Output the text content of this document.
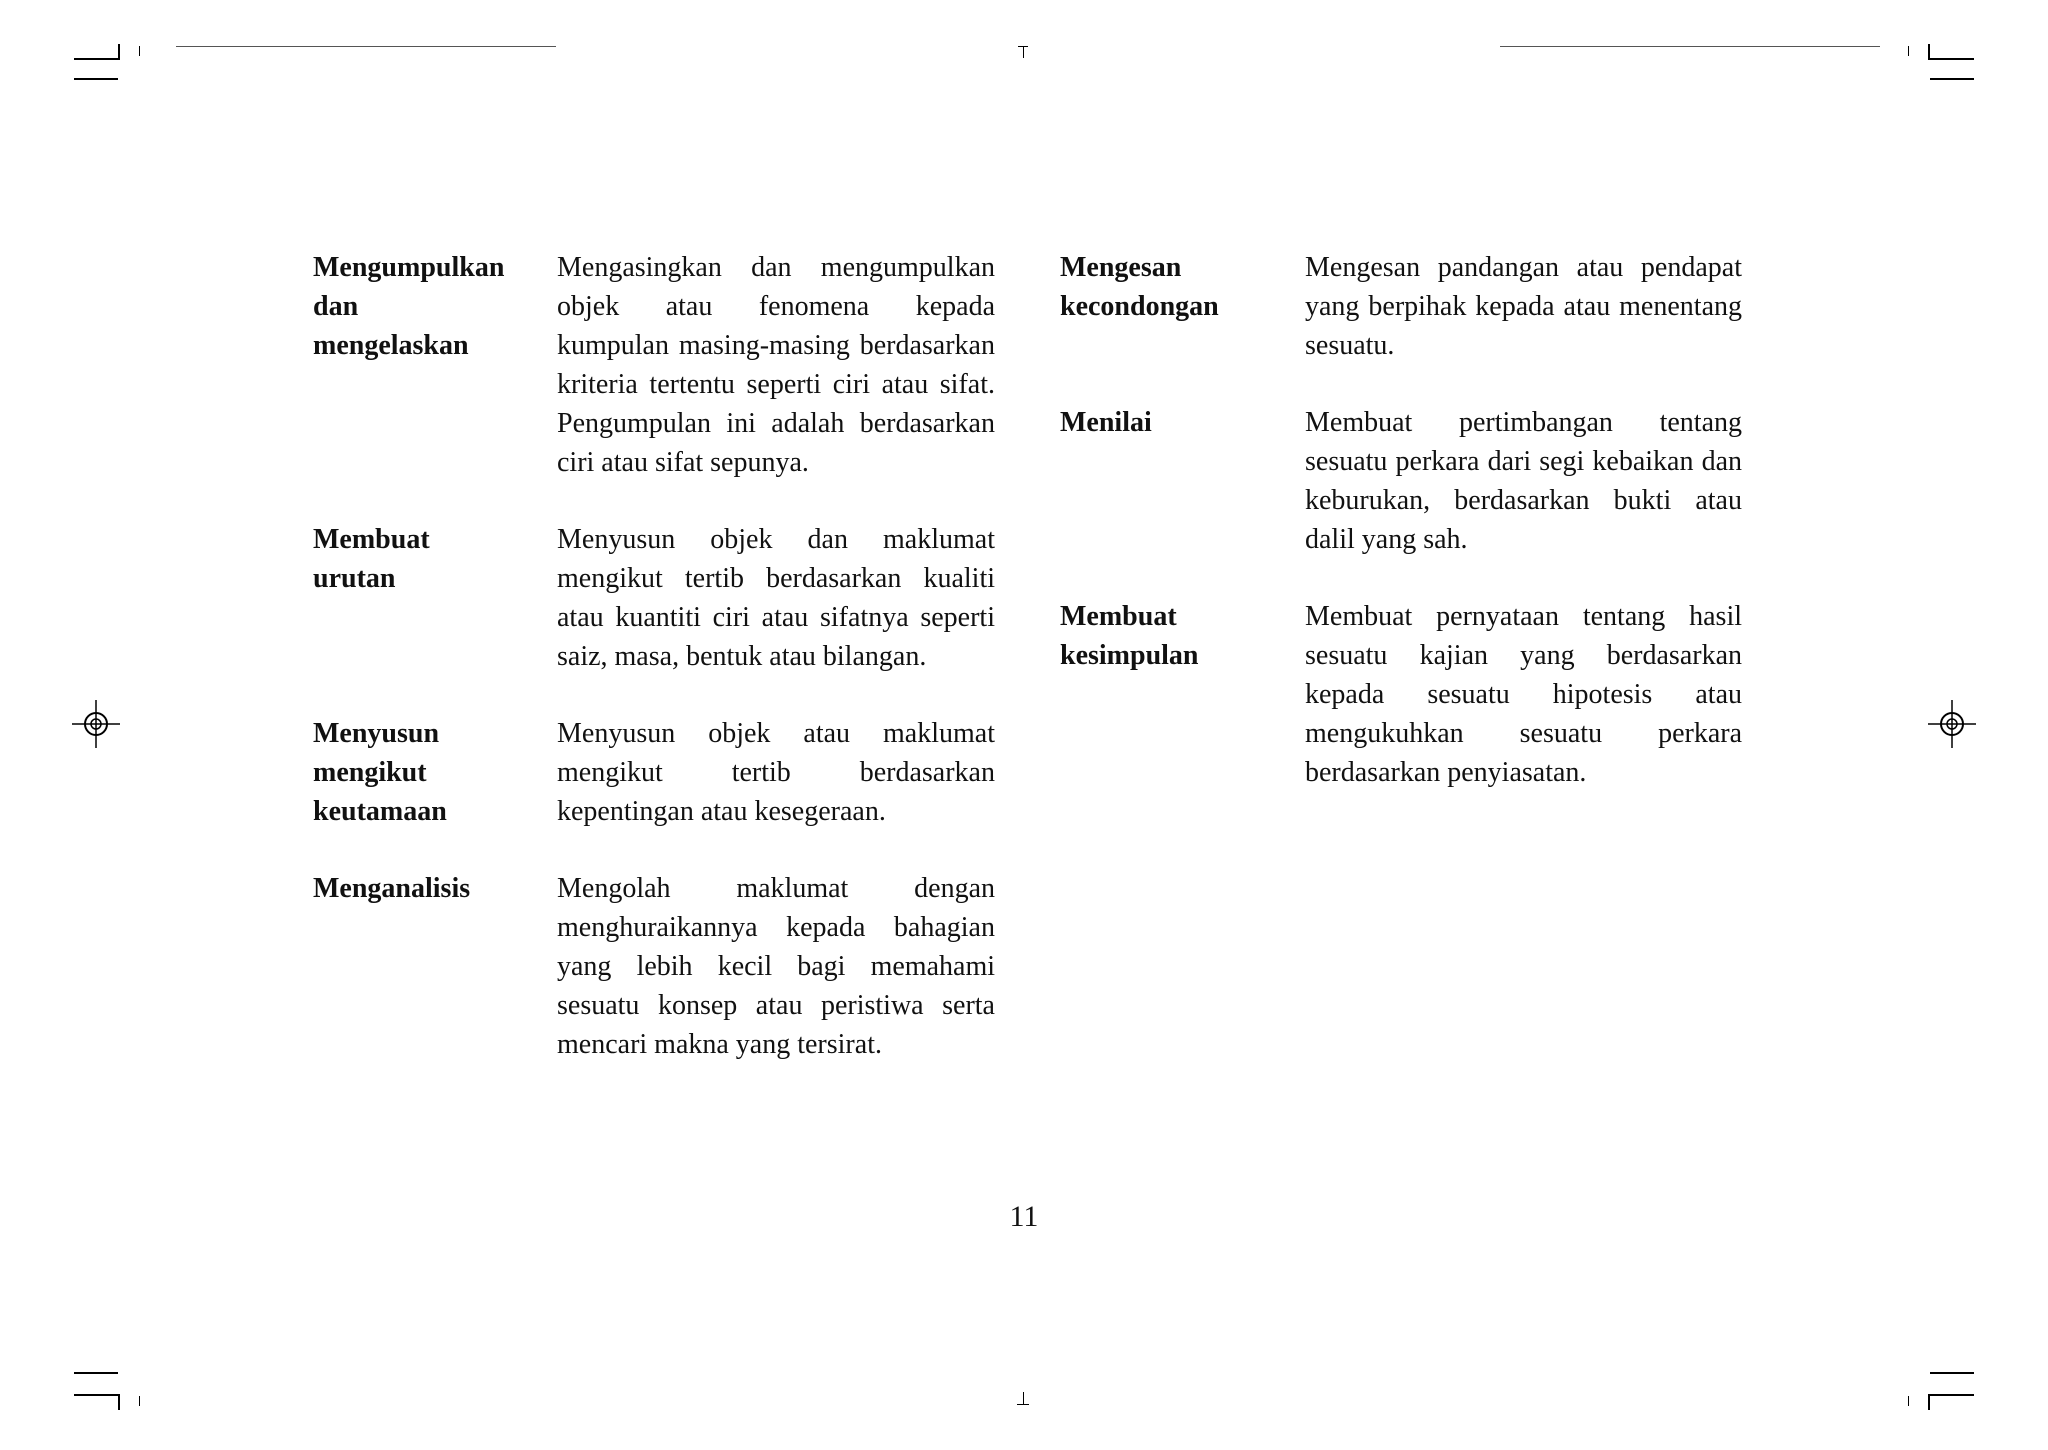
Mengumpulkan
dan
mengelaskan
Mengasingkan dan mengumpulkan objek atau fenomena kepada kumpulan masing-masing berdasarkan kriteria tertentu seperti ciri atau sifat. Pengumpulan ini adalah berdasarkan ciri atau sifat sepunya.
Membuat
urutan
Menyusun objek dan maklumat mengikut tertib berdasarkan kualiti atau kuantiti ciri atau sifatnya seperti saiz, masa, bentuk atau bilangan.
Menyusun
mengikut
keutamaan
Menyusun objek atau maklumat mengikut tertib berdasarkan kepentingan atau kesegeraan.
Menganalisis	Mengolah maklumat dengan menghuraikannya kepada bahagian yang lebih kecil bagi memahami sesuatu konsep atau peristiwa serta mencari makna yang tersirat.
Mengesan
kecondongan
Mengesan pandangan atau pendapat yang berpihak kepada atau menentang sesuatu.
Menilai	Membuat pertimbangan tentang sesuatu perkara dari segi kebaikan dan keburukan, berdasarkan bukti atau dalil yang sah.
Membuat
kesimpulan
Membuat pernyataan tentang hasil sesuatu kajian yang berdasarkan kepada sesuatu hipotesis atau mengukuhkan sesuatu perkara berdasarkan penyiasatan.
11
